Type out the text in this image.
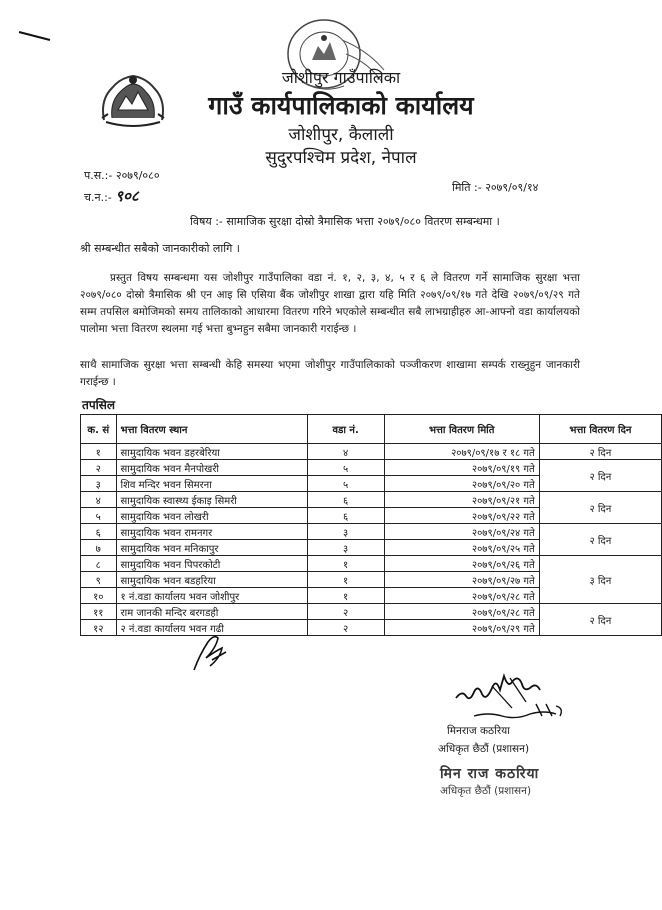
जोशीपुर गाउँपालिका
गाउँ कार्यपालिकाको कार्यालय
जोशीपुर, कैलाली
सुदुरपश्चिम प्रदेश, नेपाल
प.स.:- २०७९/०८०
च.न.:- ९०८	मिति :- २०७९/०९/१४
विषय :- सामाजिक सुरक्षा दोस्रो त्रैमासिक भत्ता २०७९/०८० वितरण सम्बन्धमा ।
श्री सम्बन्धीत सबैको जानकारीको लागि ।
प्रस्तुत विषय सम्बन्धमा यस जोशीपुर गाउँपालिका वडा नं. १, २, ३, ४, ५ र ६ ले वितरण गर्ने सामाजिक सुरक्षा भत्ता २०७९/०८० दोस्रो त्रैमासिक श्री एन आइ सि एसिया बैंक जोशीपुर शाखा द्वारा यहि मिति २०७९/०९/१७ गते देखि २०७९/०९/२९ गते सम्म तपसिल बमोजिमको समय तालिकाको आधारमा वितरण गरिने भएकोले सम्बन्धीत सबै लाभग्राहीहरु आ-आफ्नो वडा कार्यालयको पालोमा भत्ता वितरण स्थलमा गई भत्ता बुभ्नहुन सबैमा जानकारी गराईन्छ ।
साथै सामाजिक सुरक्षा भत्ता सम्बन्धी केहि समस्या भएमा जोशीपुर गाउँपालिकाको पञ्जीकरण शाखामा सम्पर्क राख्नुहुन जानकारी गराईन्छ ।
तपसिल
क. सं	भत्ता वितरण स्थान	वडा नं.	भत्ता वितरण मिति	भत्ता वितरण दिन
१	सामुदायिक भवन डहरबेरिया	४	२०७९/०९/१७ र १८ गते	२ दिन
२	सामुदायिक भवन मैनपोखरी	५	२०७९/०९/१९ गते	२ दिन
३	शिव मन्दिर भवन सिमरना	५	२०७९/०९/२० गते	
४	सामुदायिक स्वास्थ्य ईकाइ सिमरी	६	२०७९/०९/२१ गते	२ दिन
५	सामुदायिक भवन लोखरी	६	२०७९/०९/२२ गते	
६	सामुदायिक भवन रामनगर	३	२०७९/०९/२४ गते	२ दिन
७	सामुदायिक भवन मनिकापुर	३	२०७९/०९/२५ गते	
८	सामुदायिक भवन पिपरकोटी	१	२०७९/०९/२६ गते	३ दिन
९	सामुदायिक भवन बडहरिया	१	२०७९/०९/२७ गते	
१०	१ नं.वडा कार्यालय भवन जोशीपुर	१	२०७९/०९/२८ गते	
११	राम जानकी मन्दिर बरगडही	२	२०७९/०९/२८ गते	२ दिन
१२	२ नं.वडा कार्यालय भवन गढी	२	२०७९/०९/२९ गते	
मिनराज कठरिया
अधिकृत छैठौं (प्रशासन)
मिन राज कठरिया
अधिकृत छैठौं (प्रशासन)
